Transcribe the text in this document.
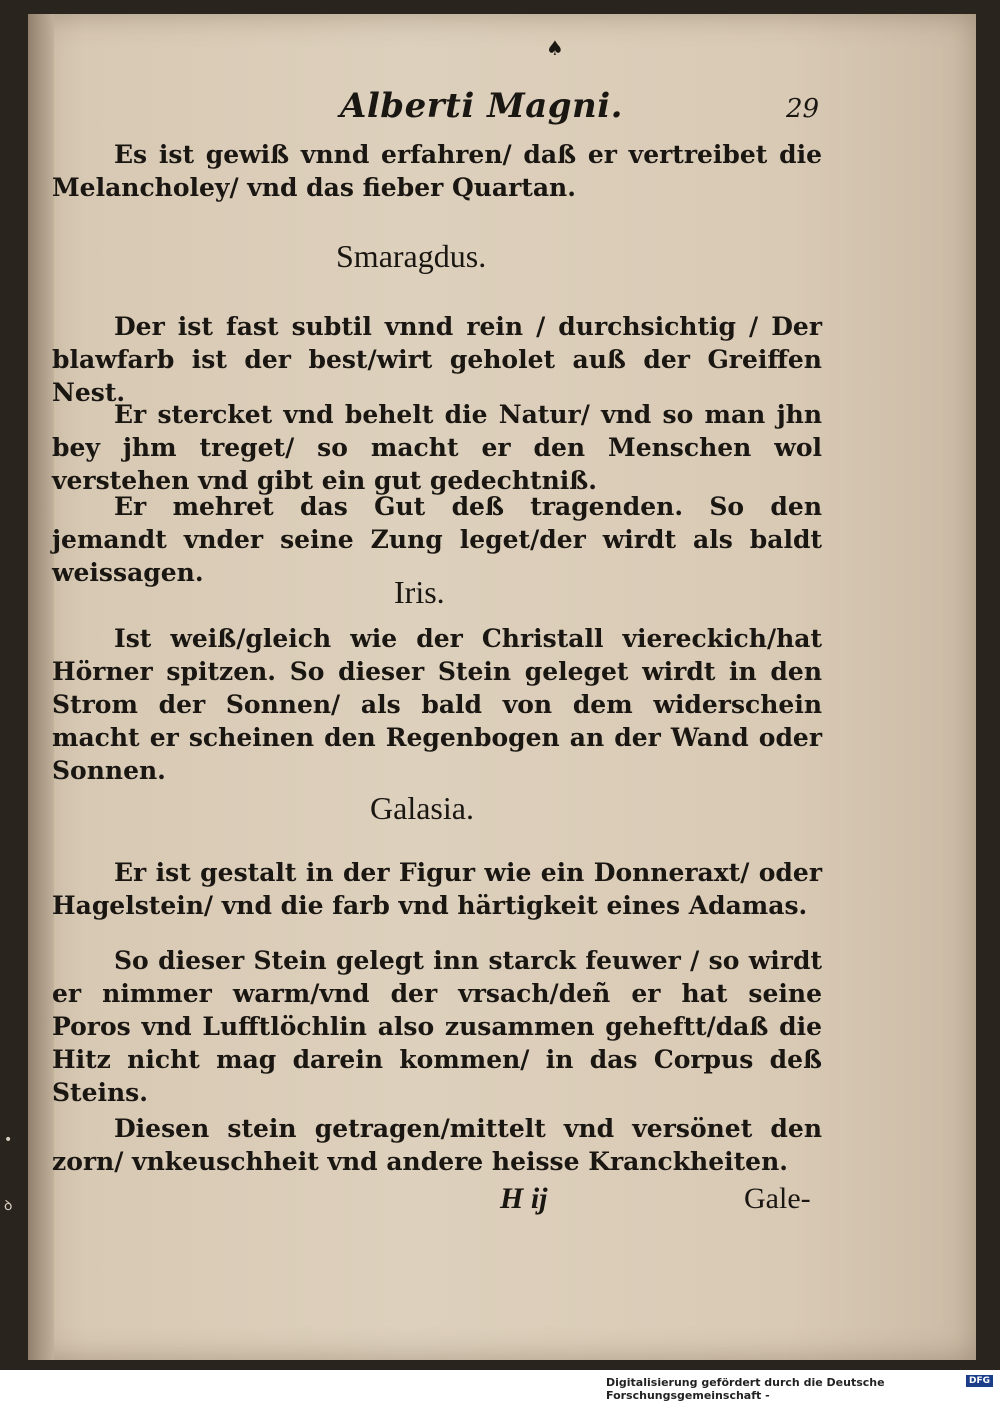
•
ꝺ
♠
Alberti Magni.	29
Es ist gewiß vnnd erfahren/ daß er vertreibet die Melancholey/ vnd das fieber Quartan.
Smaragdus.
Der ist fast subtil vnnd rein / durchsichtig / Der blawfarb ist der best/wirt geholet auß der Greiffen Nest.
Er stercket vnd behelt die Natur/ vnd so man jhn bey jhm treget/ so macht er den Menschen wol verstehen vnd gibt ein gut gedechtniß.
Er mehret das Gut deß tragenden. So den jemandt vnder seine Zung leget/der wirdt als baldt weissagen.
Iris.
Ist weiß/gleich wie der Christall viereckich/hat Hörner spitzen. So dieser Stein geleget wirdt in den Strom der Sonnen/ als bald von dem widerschein macht er scheinen den Regenbogen an der Wand oder Sonnen.
Galasia.
Er ist gestalt in der Figur wie ein Donneraxt/ oder Hagelstein/ vnd die farb vnd härtigkeit eines Adamas.
So dieser Stein gelegt inn starck feuwer / so wirdt er nimmer warm/vnd der vrsach/deñ er hat seine Poros vnd Lufftlöchlin also zusammen geheftt/daß die Hitz nicht mag darein kommen/ in das Corpus deß Steins.
Diesen stein getragen/mittelt vnd versönet den zorn/ vnkeuschheit vnd andere heisse Kranckheiten.
H ij	Gale-
Digitalisierung gefördert durch die Deutsche Forschungsgemeinschaft -
DFG
